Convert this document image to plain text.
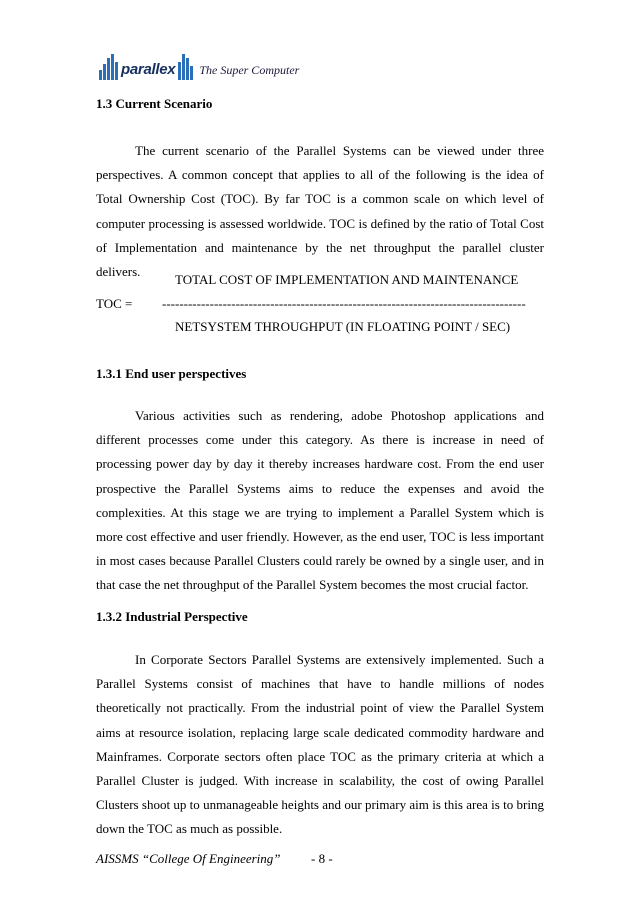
parallex The Super Computer
1.3 Current Scenario

The current scenario of the Parallel Systems can be viewed under three perspectives. A common concept that applies to all of the following is the idea of Total Ownership Cost (TOC). By far TOC is a common scale on which level of computer processing is assessed worldwide. TOC is defined by the ratio of Total Cost of Implementation and maintenance by the net throughput the parallel cluster delivers.

TOTAL COST OF IMPLEMENTATION AND MAINTENANCE
TOC = ------------------------------------------------------------------------------------
NETSYSTEM THROUGHPUT (IN FLOATING POINT / SEC)
1.3.1 End user perspectives

Various activities such as rendering, adobe Photoshop applications and different processes come under this category. As there is increase in need of processing power day by day it thereby increases hardware cost. From the end user prospective the Parallel Systems aims to reduce the expenses and avoid the complexities. At this stage we are trying to implement a Parallel System which is more cost effective and user friendly. However, as the end user, TOC is less important in most cases because Parallel Clusters could rarely be owned by a single user, and in that case the net throughput of the Parallel System becomes the most crucial factor.

1.3.2 Industrial Perspective

In Corporate Sectors Parallel Systems are extensively implemented. Such a Parallel Systems consist of machines that have to handle millions of nodes theoretically not practically. From the industrial point of view the Parallel System aims at resource isolation, replacing large scale dedicated commodity hardware and Mainframes. Corporate sectors often place TOC as the primary criteria at which a Parallel Cluster is judged. With increase in scalability, the cost of owing Parallel Clusters shoot up to unmanageable heights and our primary aim is this area is to bring down the TOC as much as possible.

AISSMS “College Of Engineering” - 8 -
